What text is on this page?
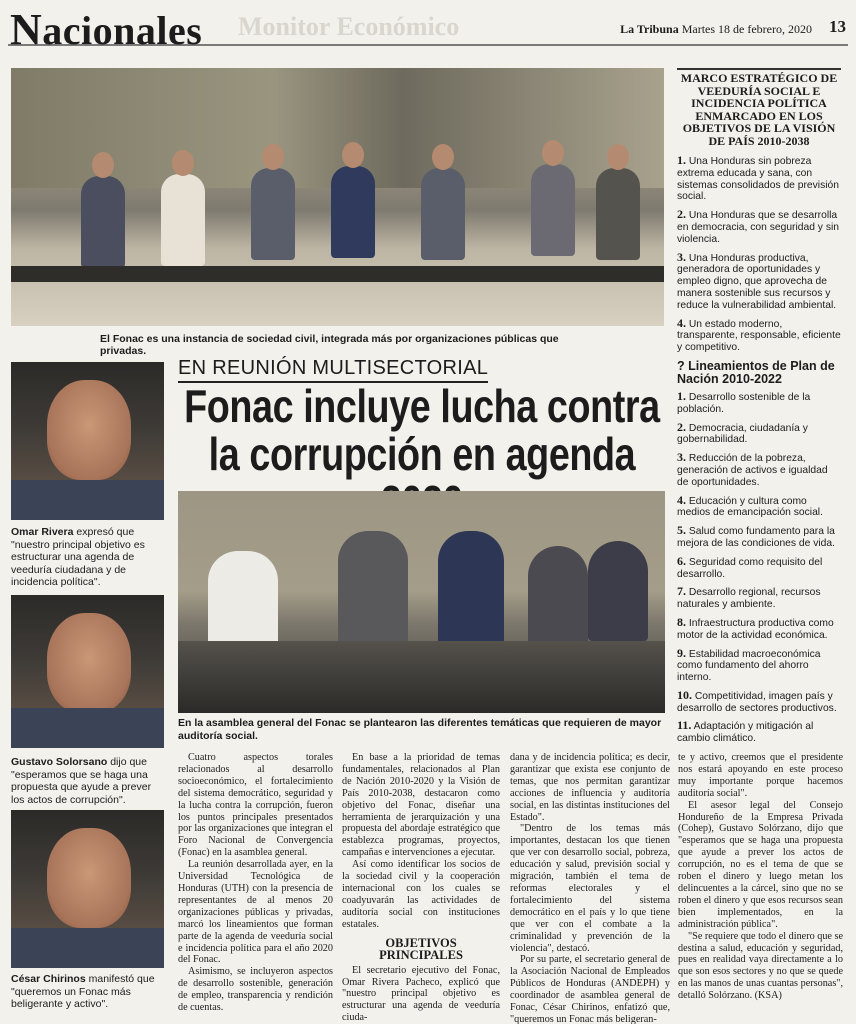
Nacionales Monitor Económico	La Tribuna Martes 18 de febrero, 2020 13
El Fonac es una instancia de sociedad civil, integrada más por organizaciones públicas que privadas.
EN REUNIÓN MULTISECTORIAL
Fonac incluye lucha contra la corrupción en agenda
Omar Rivera expresó que "nuestro principal objetivo es estructurar una agenda de veeduría ciudadana y de incidencia política".
Gustavo Solorsano dijo que "esperamos que se haga una propuesta que ayude a prever los actos de corrupción".
César Chirinos manifestó que "queremos un Fonac más beligerante y activo".
En la asamblea general del Fonac se plantearon las diferentes temáticas que requieren de mayor auditoría social.
MARCO ESTRATÉGICO DE VEEDURÍA SOCIAL E INCIDENCIA POLÍTICA ENMARCADO EN LOS OBJETIVOS DE LA VISIÓN DE PAÍS 2010-2038
1. Una Honduras sin pobreza extrema educada y sana, con sistemas consolidados de previsión social.
2. Una Honduras que se desarrolla en democracia, con seguridad y sin violencia.
3. Una Honduras productiva, generadora de oportunidades y empleo digno, que aprovecha de manera sostenible sus recursos y reduce la vulnerabilidad ambiental.
4. Un estado moderno, transparente, responsable, eficiente y competitivo.
? Lineamientos de Plan de Nación 2010-2022
1. Desarrollo sostenible de la población.
2. Democracia, ciudadanía y gobernabilidad.
3. Reducción de la pobreza, generación de activos e igualdad de oportunidades.
4. Educación y cultura como medios de emancipación social.
5. Salud como fundamento para la mejora de las condiciones de vida.
6. Seguridad como requisito del desarrollo.
7. Desarrollo regional, recursos naturales y ambiente.
8. Infraestructura productiva como motor de la actividad económica.
9. Estabilidad macroeconómica como fundamento del ahorro interno.
10. Competitividad, imagen país y desarrollo de sectores productivos.
11. Adaptación y mitigación al cambio climático.

Cuatro aspectos torales relacionados al desarrollo socioeconómico, el fortalecimiento del sistema democrático, seguridad y la lucha contra la corrupción, fueron los puntos principales presentados por las organizaciones que integran el Foro Nacional de Convergencia (Fonac) en la asamblea general.

La reunión desarrollada ayer, en la Universidad Tecnológica de Honduras (UTH) con la presencia de representantes de al menos 20 organizaciones públicas y privadas, marcó los lineamientos que forman parte de la agenda de veeduría social e incidencia política para el año 2020 del Fonac.

Asimismo, se incluyeron aspectos de desarrollo sostenible, generación de empleo, transparencia y rendición de cuentas.

En base a la prioridad de temas fundamentales, relacionados al Plan de Nación 2010-2020 y la Visión de País 2010-2038, destacaron como objetivo del Fonac, diseñar una herramienta de jerarquización y una propuesta del abordaje estratégico que establezca programas, proyectos, campañas e intervenciones a ejecutar.

Así como identificar los socios de la sociedad civil y la cooperación internacional con los cuales se coadyuvarán las actividades de auditoría social con instituciones estatales.

OBJETIVOS PRINCIPALES

El secretario ejecutivo del Fonac, Omar Rivera Pacheco, explicó que "nuestro principal objetivo es estructurar una agenda de veeduría ciuda-

dana y de incidencia política; es decir, garantizar que exista ese conjunto de temas, que nos permitan garantizar acciones de influencia y auditoría social, en las distintas instituciones del Estado".

"Dentro de los temas más importantes, destacan los que tienen que ver con desarrollo social, pobreza, educación y salud, previsión social y migración, también el tema de reformas electorales y el fortalecimiento del sistema democrático en el país y lo que tiene que ver con el combate a la criminalidad y prevención de la violencia", destacó.

Por su parte, el secretario general de la Asociación Nacional de Empleados Públicos de Honduras (ANDEPH) y coordinador de asamblea general de Fonac, César Chirinos, enfatizó que, "queremos un Fonac más beligeran-

te y activo, creemos que el presidente nos estará apoyando en este proceso muy importante porque hacemos auditoría social".

El asesor legal del Consejo Hondureño de la Empresa Privada (Cohep), Gustavo Solórzano, dijo que "esperamos que se haga una propuesta que ayude a prever los actos de corrupción, no es el tema de que se roben el dinero y luego metan los delincuentes a la cárcel, sino que no se roben el dinero y que esos recursos sean bien implementados, en la administración pública".

"Se requiere que todo el dinero que se destina a salud, educación y seguridad, pues en realidad vaya directamente a lo que son esos sectores y no que se quede en las manos de unas cuantas personas", detalló Solórzano. (KSA)
